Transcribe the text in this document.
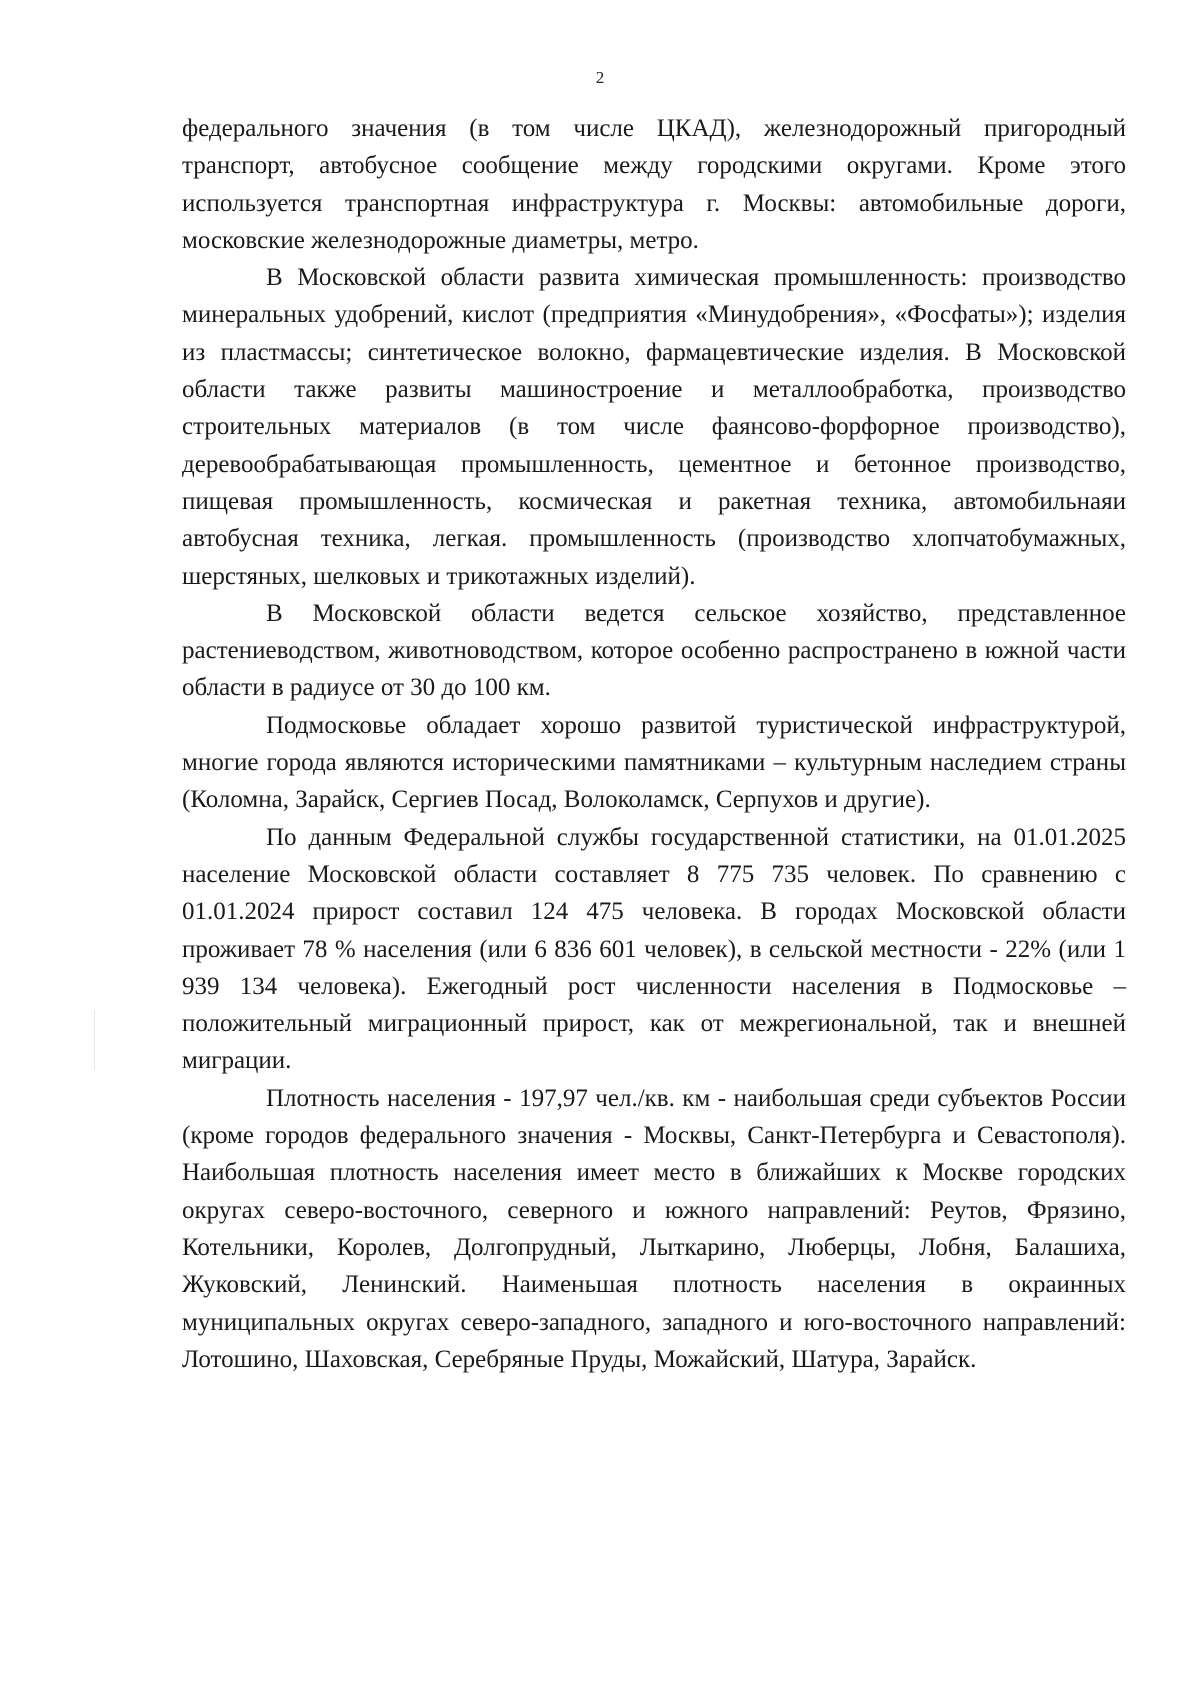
2

федерального значения (в том числе ЦКАД), железнодорожный пригородный транспорт, автобусное сообщение между городскими округами. Кроме этого используется транспортная инфраструктура г. Москвы: автомобильные дороги, московские железнодорожные диаметры, метро.

В Московской области развита химическая промышленность: производство минеральных удобрений, кислот (предприятия «Минудобрения», «Фосфаты»); изделия из пластмассы; синтетическое волокно, фармацевтические изделия. В Московской области также развиты машиностроение и металлообработка, производство строительных материалов (в том числе фаянсово-форфорное производство), деревообрабатывающая промышленность, цементное и бетонное производство, пищевая промышленность, космическая и ракетная техника, автомобильнаяи автобусная техника, легкая. промышленность (производство хлопчатобумажных, шерстяных, шелковых и трикотажных изделий).

В Московской области ведется сельское хозяйство, представленное растениеводством, животноводством, которое особенно распространено в южной части области в радиусе от 30 до 100 км.

Подмосковье обладает хорошо развитой туристической инфраструктурой, многие города являются историческими памятниками – культурным наследием страны (Коломна, Зарайск, Сергиев Посад, Волоколамск, Серпухов и другие).

По данным Федеральной службы государственной статистики, на 01.01.2025 население Московской области составляет 8 775 735 человек. По сравнению с 01.01.2024 прирост составил 124 475 человека. В городах Московской области проживает 78 % населения (или 6 836 601 человек), в сельской местности - 22% (или 1 939 134 человека). Ежегодный рост численности населения в Подмосковье – положительный миграционный прирост, как от межрегиональной, так и внешней миграции.

Плотность населения - 197,97 чел./кв. км - наибольшая среди субъектов России (кроме городов федерального значения - Москвы, Санкт-Петербурга и Севастополя). Наибольшая плотность населения имеет место в ближайших к Москве городских округах северо-восточного, северного и южного направлений: Реутов, Фрязино, Котельники, Королев, Долгопрудный, Лыткарино, Люберцы, Лобня, Балашиха, Жуковский, Ленинский. Наименьшая плотность населения в окраинных муниципальных округах северо-западного, западного и юго-восточного направлений: Лотошино, Шаховская, Серебряные Пруды, Можайский, Шатура, Зарайск.
